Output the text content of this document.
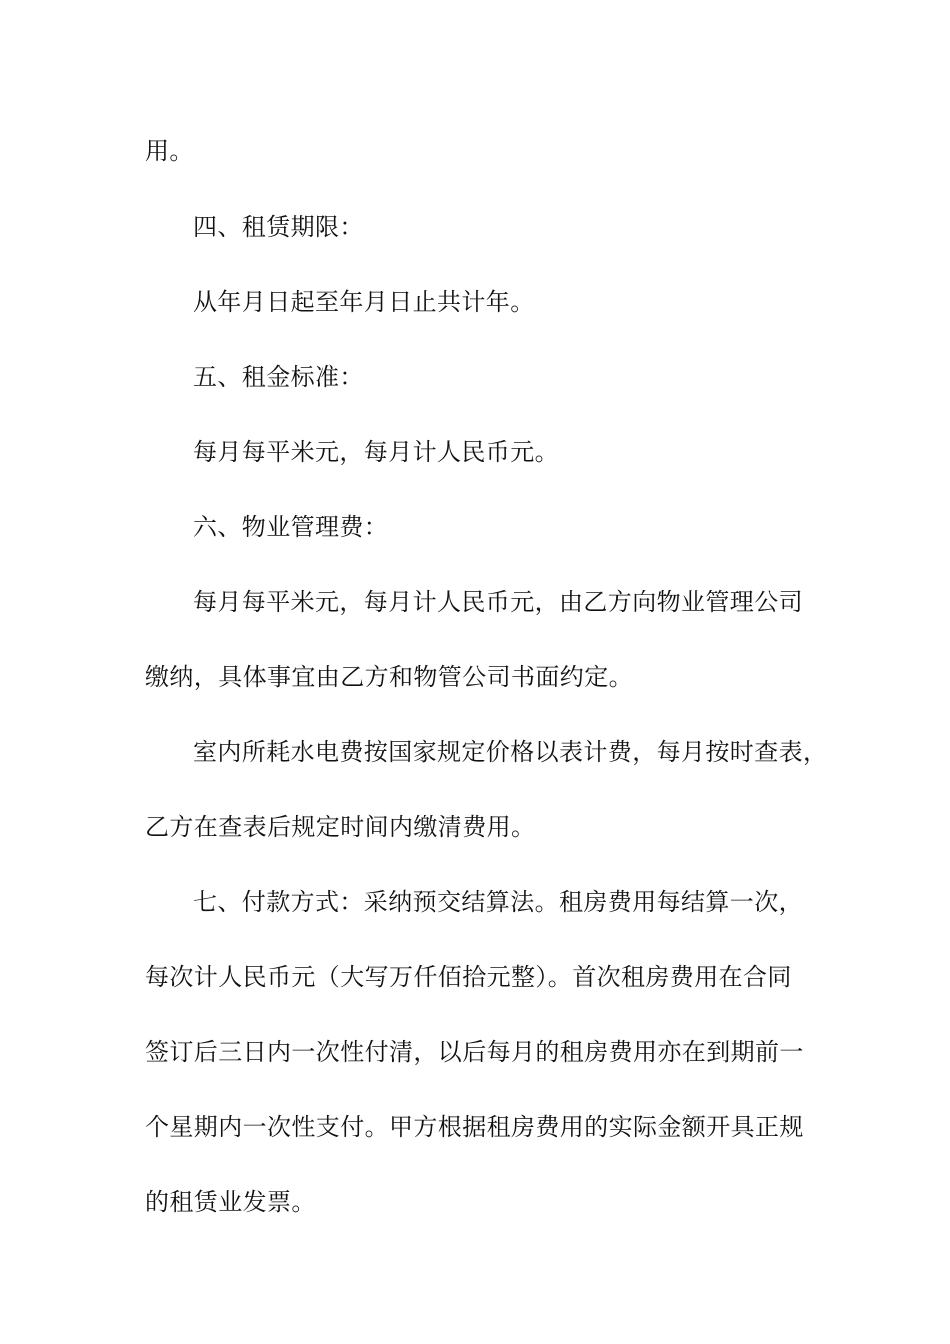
用。
四、租赁期限：
从年月日起至年月日止共计年。
五、租金标准：
每月每平米元，每月计人民币元。
六、物业管理费：
每月每平米元，每月计人民币元，由乙方向物业管理公司
缴纳，具体事宜由乙方和物管公司书面约定。
室内所耗水电费按国家规定价格以表计费，每月按时查表，
乙方在查表后规定时间内缴清费用。
七、付款方式：采纳预交结算法。租房费用每结算一次，
每次计人民币元（大写万仟佰拾元整）。首次租房费用在合同
签订后三日内一次性付清，以后每月的租房费用亦在到期前一
个星期内一次性支付。甲方根据租房费用的实际金额开具正规
的租赁业发票。
